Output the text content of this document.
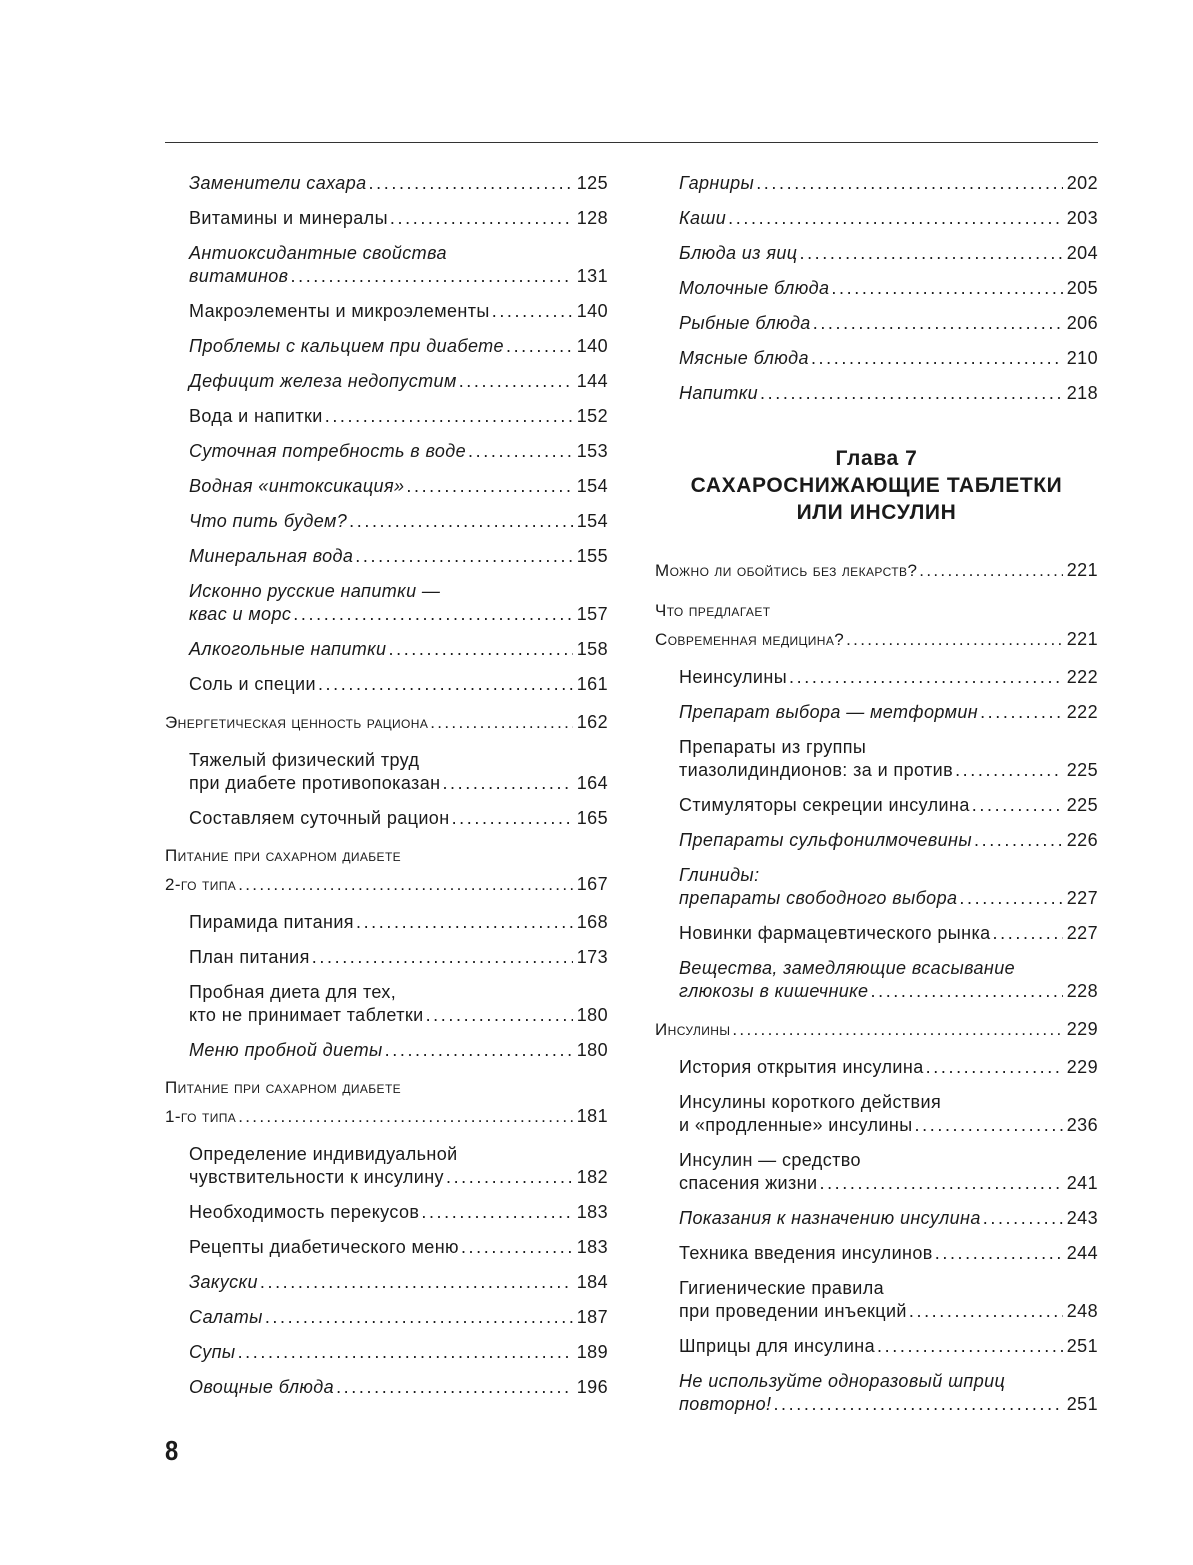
Заменители сахара . . .	125
Витамины и минералы . . .	128
Антиоксидантные свойства
витаминов . . .	131
Макроэлементы и микроэлементы . . .	140
Проблемы с кальцием при диабете . . .	140
Дефицит железа недопустим . . .	144
Вода и напитки . . .	152
Суточная потребность в воде . . .	153
Водная «интоксикация» . . .	154
Что пить будем? . . .	154
Минеральная вода . . .	155
Исконно русские напитки —
квас и морс . . .	157
Алкогольные напитки . . .	158
Соль и специи . . .	161
Энергетическая ценность рациона . . .	162
Тяжелый физический труд
при диабете противопоказан . . .	164
Составляем суточный рацион . . .	165
Питание при сахарном диабете
2-го типа . . .	167
Пирамида питания . . .	168
План питания . . .	173
Пробная диета для тех,
кто не принимает таблетки . . .	180
Меню пробной диеты . . .	180
Питание при сахарном диабете
1-го типа . . .	181
Определение индивидуальной
чувствительности к инсулину . . .	182
Необходимость перекусов . . .	183
Рецепты диабетического меню . . .	183
Закуски . . .	184
Салаты . . .	187
Супы . . .	189
Овощные блюда . . .	196
Гарниры . . .	202
Каши . . .	203
Блюда из яиц . . .	204
Молочные блюда . . .	205
Рыбные блюда . . .	206
Мясные блюда . . .	210
Напитки . . .	218
Глава 7
САХАРОСНИЖАЮЩИЕ ТАБЛЕТКИ
ИЛИ ИНСУЛИН
Можно ли обойтись без лекарств? . . .	221
Что предлагает
Современная медицина? . . .	221
Неинсулины . . .	222
Препарат выбора — метформин . . .	222
Препараты из группы
тиазолидиндионов: за и против . . .	225
Стимуляторы секреции инсулина . . .	225
Препараты сульфонилмочевины . . .	226
Глиниды:
препараты свободного выбора . . .	227
Новинки фармацевтического рынка . . .	227
Вещества, замедляющие всасывание
глюкозы в кишечнике . . .	228
Инсулины . . .	229
История открытия инсулина . . .	229
Инсулины короткого действия
и «продленные» инсулины . . .	236
Инсулин — средство
спасения жизни . . .	241
Показания к назначению инсулина . . .	243
Техника введения инсулинов . . .	244
Гигиенические правила
при проведении инъекций . . .	248
Шприцы для инсулина . . .	251
Не используйте одноразовый шприц
повторно! . . .	251
8
